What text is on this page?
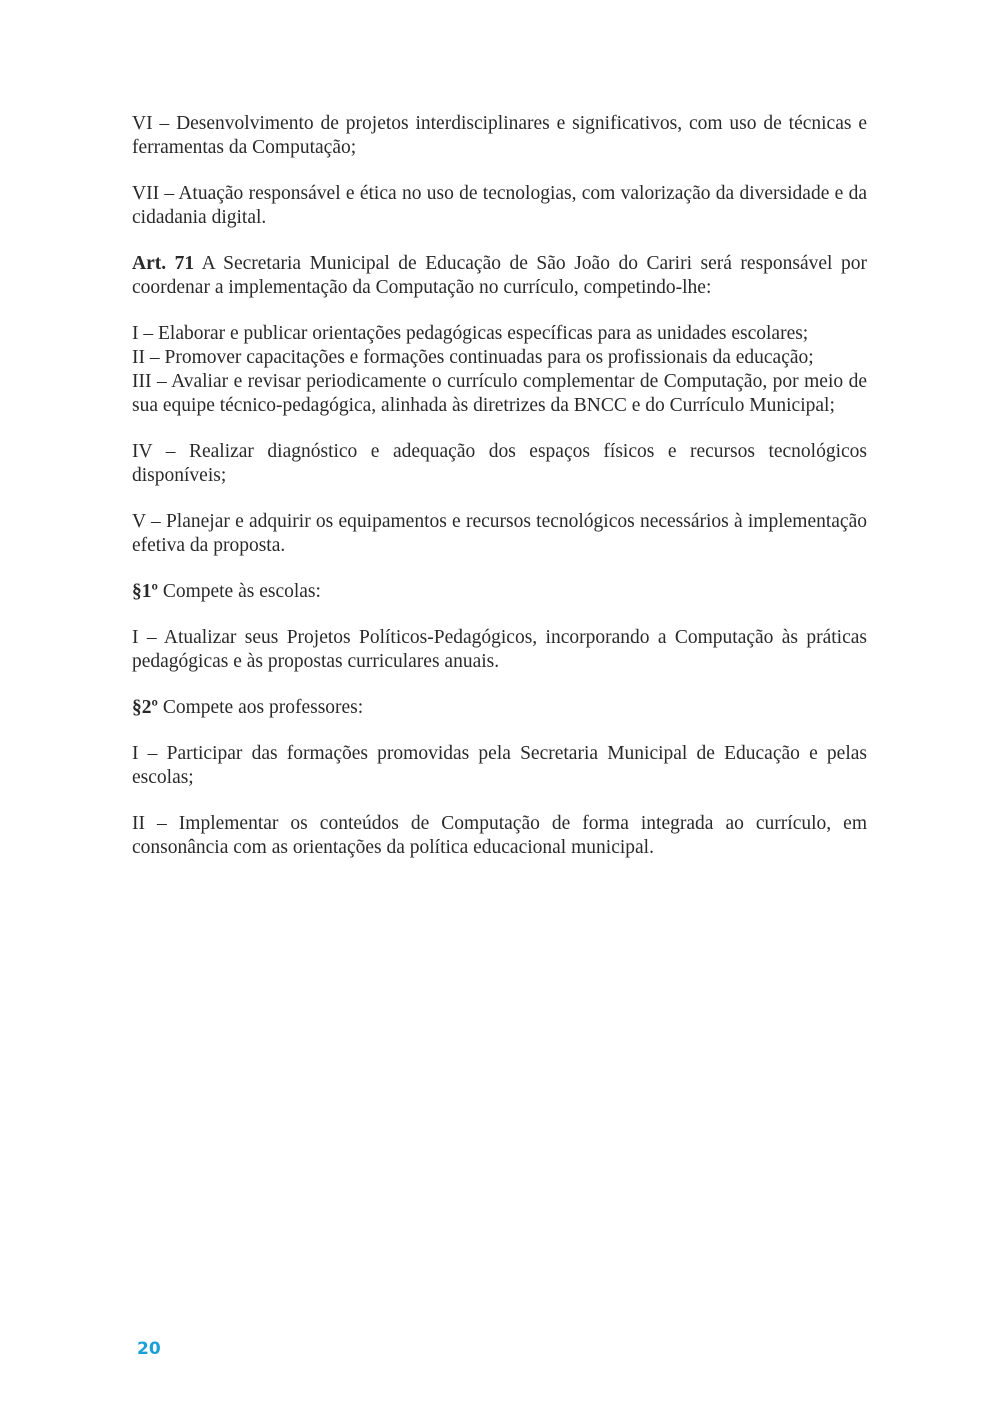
VI – Desenvolvimento de projetos interdisciplinares e significativos, com uso de técnicas e ferramentas da Computação;

VII – Atuação responsável e ética no uso de tecnologias, com valorização da diversidade e da cidadania digital.

Art. 71 A Secretaria Municipal de Educação de São João do Cariri será responsável por coordenar a implementação da Computação no currículo, competindo-lhe:

I – Elaborar e publicar orientações pedagógicas específicas para as unidades escolares;

II – Promover capacitações e formações continuadas para os profissionais da educação;

III – Avaliar e revisar periodicamente o currículo complementar de Computação, por meio de sua equipe técnico-pedagógica, alinhada às diretrizes da BNCC e do Currículo Municipal;

IV – Realizar diagnóstico e adequação dos espaços físicos e recursos tecnológicos disponíveis;

V – Planejar e adquirir os equipamentos e recursos tecnológicos necessários à implementação efetiva da proposta.

§1º Compete às escolas:

I – Atualizar seus Projetos Políticos-Pedagógicos, incorporando a Computação às práticas pedagógicas e às propostas curriculares anuais.

§2º Compete aos professores:

I – Participar das formações promovidas pela Secretaria Municipal de Educação e pelas escolas;

II – Implementar os conteúdos de Computação de forma integrada ao currículo, em consonância com as orientações da política educacional municipal.

20
